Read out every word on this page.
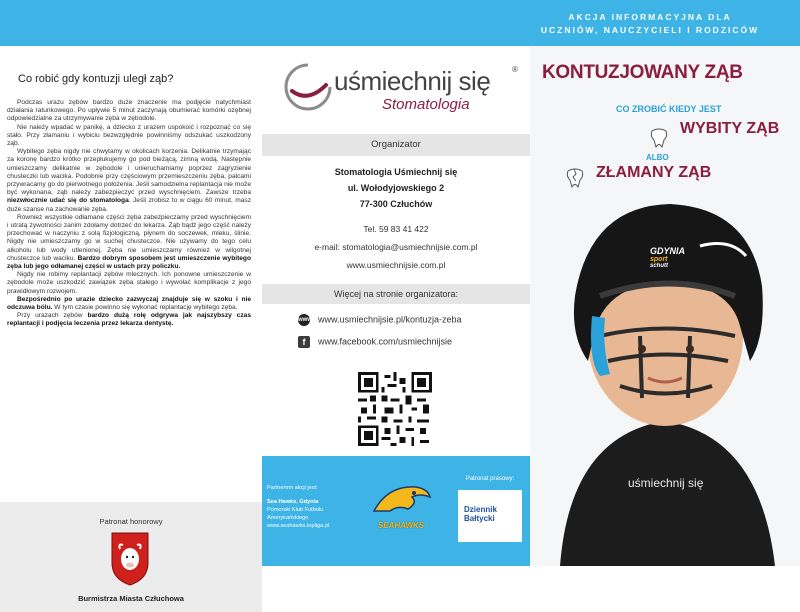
AKCJA INFORMACYJNA DLA
UCZNIÓW, NAUCZYCIELI I RODZICÓW
Co robić gdy kontuzji uległ ząb?

Podczas urazu zębów bardzo duże znaczenie ma podjęcie natychmiast działania ratunkowego. Po upływie 5 minut zaczynają obumierać komórki ozębnej odpowiedzialne za utrzymywanie zęba w zębodole.

Nie należy wpadać w panikę, a dziecko z urazem uspokoić i rozpoznać co się stało. Przy złamaniu i wybiciu bezwzględnie powinniśmy odszukać uszkodzony ząb.

Wybitego zęba nigdy nie chwytamy w okolicach korzenia. Delikatnie trzymając za koronę bardzo krótko przepłukujemy go pod bieżącą, zimną wodą. Następnie umieszczamy delikatnie w zębodole i unieruchamiamy poprzez zagryzienie chusteczki lub wacika. Podobnie przy częściowym przemieszczeniu zęba, palcami przywracamy go do pierwotnego położenia. Jeśli samodzielna replantacja nie może być wykonana, ząb należy zabezpieczyć przed wyschnięciem. Zawsze trzeba niezwłocznie udać się do stomatologa. Jeśli zrobisz to w ciągu 60 minut, masz duże szanse na zachowanie zęba.

Również wszystkie odłamane części zęba zabezpieczamy przed wyschnięciem i utratą żywotności zanim zdołamy dotrzeć do lekarza. Ząb bądź jego część należy przechować w naczyniu z solą fizjologiczną, płynem do soczewek, mleku, ślinie. Nigdy nie umieszczamy go w suchej chusteczce. Nie używamy do tego celu alkoholu lub wody utlenionej. Zęba nie umieszczamy również w wilgotnej chusteczce lub waciku. Bardzo dobrym sposobem jest umieszczenie wybitego zęba lub jego odłamanej części w ustach przy policzku.

Nigdy nie robimy replantacji zębów mlecznych. Ich ponowne umieszczenie w zębodole może uszkodzić zawiązek zęba stałego i wywołać komplikacje z jego prawidłowym rozwojem.

Bezpośrednio po urazie dziecko zazwyczaj znajduje się w szoku i nie odczuwa bólu. W tym czasie powinno się wykonać replantację wybitego zęba.

Przy urazach zębów bardzo dużą rolę odgrywa jak najszybszy czas replantacji i podjęcia leczenia przez lekarza dentystę.

Patronat honorowy
Burmistrza Miasta Człuchowa
uśmiechnij się	®
Stomatologia
Organizator
Stomatologia Uśmiechnij się
ul. Wołodyjowskiego 2
77-300 Człuchów
Tel. 59 83 41 422
e-mail: stomatologia@usmiechnijsie.com.pl
www.usmiechnijsie.com.pl
Więcej na stronie organizatora:
www www.usmiechnijsie.pl/kontuzja-zeba
f www.facebook.com/usmiechnijsie
Partnerem akcji jest:
Sea Hawks, Gdynia
Pomorski Klub Futbolu
Amerykańskiego
www.seahawks.topliga.pl	SEAHAWKS
Patronat prasowy:
Dziennik
Bałtycki
KONTUZJOWANY ZĄB
CO ZROBIĆ KIEDY JEST
WYBITY ZĄB
ALBO
ZŁAMANY ZĄB
GDYNIA
sport
schutt
uśmiechnij się
